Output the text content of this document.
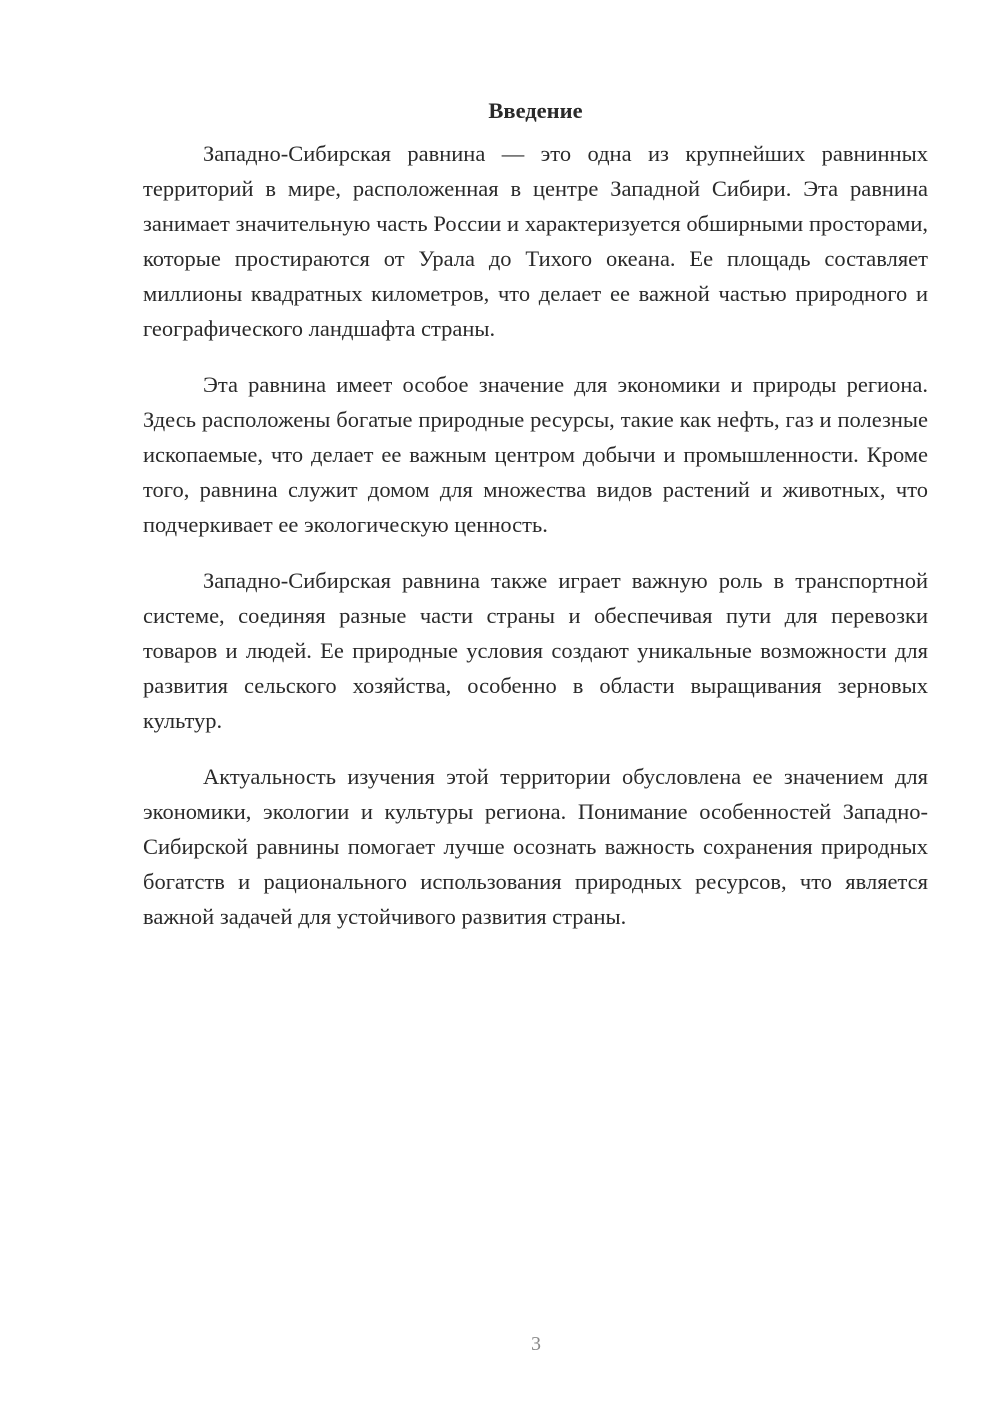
Введение

Западно-Сибирская равнина — это одна из крупнейших равнинных территорий в мире, расположенная в центре Западной Сибири. Эта равнина занимает значительную часть России и характеризуется обширными просторами, которые простираются от Урала до Тихого океана. Ее площадь составляет миллионы квадратных километров, что делает ее важной частью природного и географического ландшафта страны.

Эта равнина имеет особое значение для экономики и природы региона. Здесь расположены богатые природные ресурсы, такие как нефть, газ и полезные ископаемые, что делает ее важным центром добычи и промышленности. Кроме того, равнина служит домом для множества видов растений и животных, что подчеркивает ее экологическую ценность.

Западно-Сибирская равнина также играет важную роль в транспортной системе, соединяя разные части страны и обеспечивая пути для перевозки товаров и людей. Ее природные условия создают уникальные возможности для развития сельского хозяйства, особенно в области выращивания зерновых культур.

Актуальность изучения этой территории обусловлена ее значением для экономики, экологии и культуры региона. Понимание особенностей Западно-Сибирской равнины помогает лучше осознать важность сохранения природных богатств и рационального использования природных ресурсов, что является важной задачей для устойчивого развития страны.

3
